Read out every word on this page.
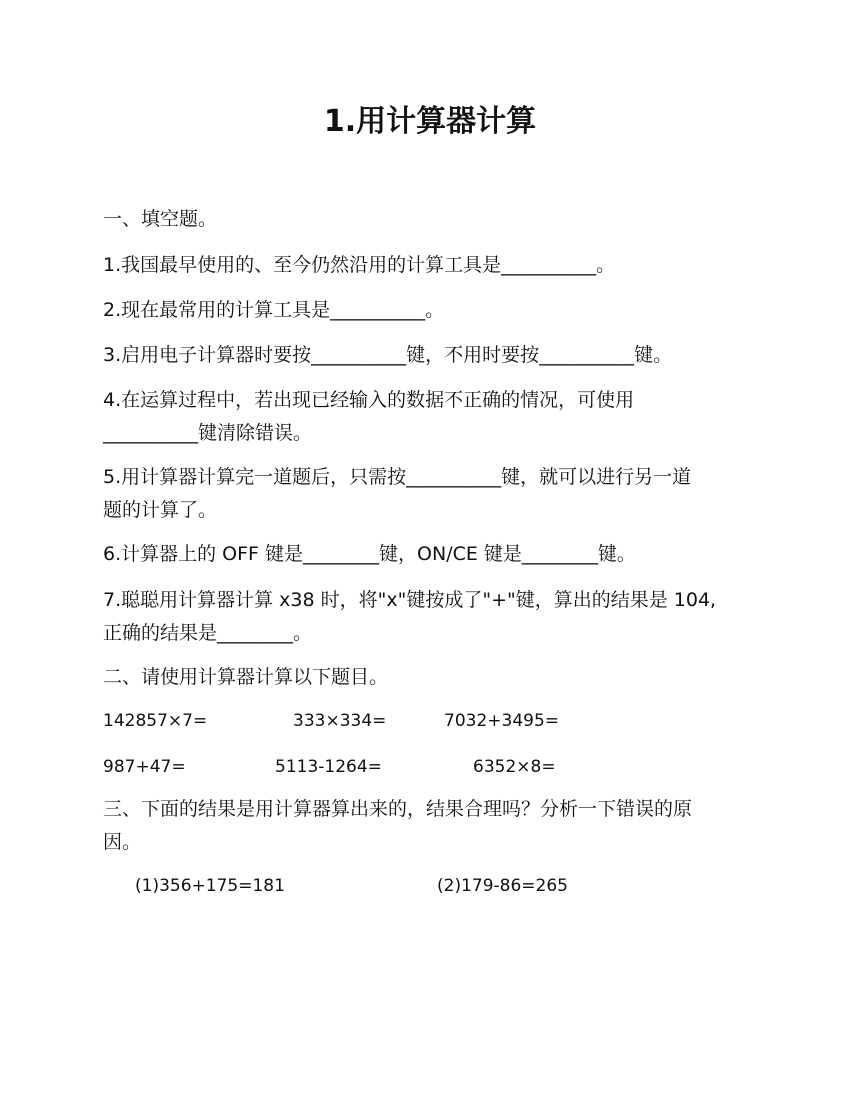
1.用计算器计算
一、填空题。
1.我国最早使用的、至今仍然沿用的计算工具是__________。
2.现在最常用的计算工具是__________。
3.启用电子计算器时要按__________键，不用时要按__________键。
4.在运算过程中，若出现已经输入的数据不正确的情况，可使用
__________键清除错误。
5.用计算器计算完一道题后，只需按__________键，就可以进行另一道
题的计算了。
6.计算器上的 OFF 键是________键，ON/CE 键是________键。
7.聪聪用计算器计算 x38 时，将"x"键按成了"+"键，算出的结果是 104,
正确的结果是________。
二、请使用计算器计算以下题目。
142857×7=	333×334=	7032+3495=
987+47=	5113-1264=	6352×8=
三、下面的结果是用计算器算出来的，结果合理吗？分析一下错误的原
因。
(1)356+175=181	(2)179-86=265
